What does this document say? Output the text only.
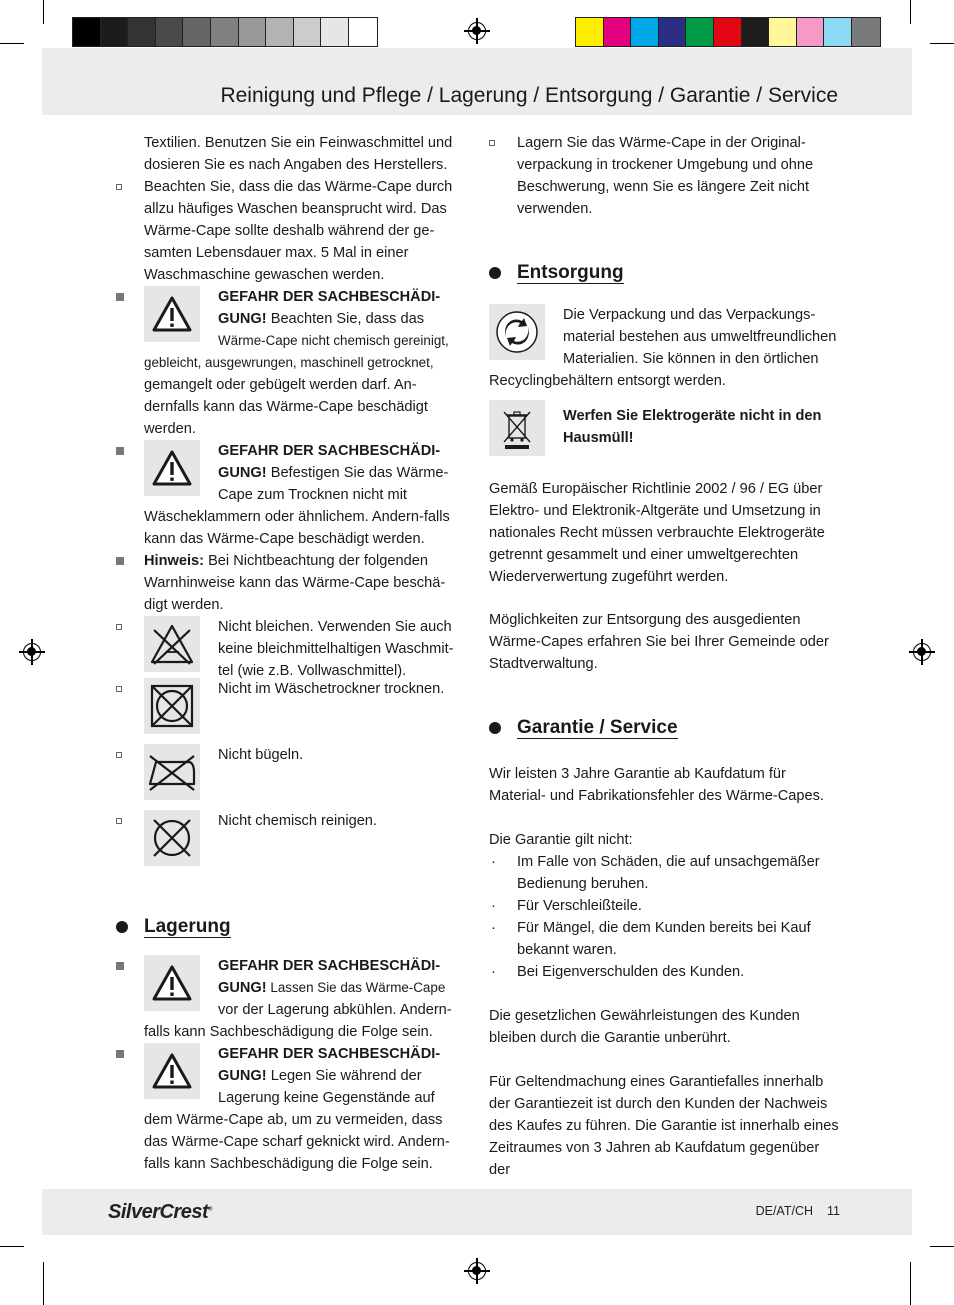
Reinigung und Pflege / Lagerung / Entsorgung / Garantie / Service

Textilien. Benutzen Sie ein Feinwaschmittel und dosieren Sie es nach Angaben des Herstellers.

Beachten Sie, dass die das Wärme-Cape durch allzu häufiges Waschen beansprucht wird. Das Wärme-Cape sollte deshalb während der ge-samten Lebensdauer max. 5 Mal in einer Waschmaschine gewaschen werden.
GEFAHR DER SACHBESCHÄDI-GUNG! Beachten Sie, dass das Wärme-Cape nicht chemisch gereinigt, gebleicht, ausgewrungen, maschinell getrocknet, gemangelt oder gebügelt werden darf. An-dernfalls kann das Wärme-Cape beschädigt werden.
GEFAHR DER SACHBESCHÄDI-GUNG! Befestigen Sie das Wärme-Cape zum Trocknen nicht mit Wäscheklammern oder ähnlichem. Andern-falls kann das Wärme-Cape beschädigt werden.
Hinweis: Bei Nichtbeachtung der folgenden Warnhinweise kann das Wärme-Cape beschä-digt werden.
Nicht bleichen. Verwenden Sie auch keine bleichmittelhaltigen Waschmit-tel (wie z.B. Vollwaschmittel).
Nicht im Wäschetrockner trocknen.
Nicht bügeln.
Nicht chemisch reinigen.
Lagerung
GEFAHR DER SACHBESCHÄDI-GUNG! Lassen Sie das Wärme-Cape vor der Lagerung abkühlen. Andern-falls kann Sachbeschädigung die Folge sein.
GEFAHR DER SACHBESCHÄDI-GUNG! Legen Sie während der Lagerung keine Gegenstände auf dem Wärme-Cape ab, um zu vermeiden, dass das Wärme-Cape scharf geknickt wird. Andern-falls kann Sachbeschädigung die Folge sein.
Lagern Sie das Wärme-Cape in der Original-verpackung in trockener Umgebung und ohne Beschwerung, wenn Sie es längere Zeit nicht verwenden.
Entsorgung

Die Verpackung und das Verpackungs-material bestehen aus umweltfreundlichen Materialien. Sie können in den örtlichen Recyclingbehältern entsorgt werden.

Werfen Sie Elektrogeräte nicht in den Hausmüll!

Gemäß Europäischer Richtlinie 2002 / 96 / EG über Elektro- und Elektronik-Altgeräte und Umsetzung in nationales Recht müssen verbrauchte Elektrogeräte getrennt gesammelt und einer umweltgerechten Wiederverwertung zugeführt werden.

Möglichkeiten zur Entsorgung des ausgedienten Wärme-Capes erfahren Sie bei Ihrer Gemeinde oder Stadtverwaltung.

Garantie / Service

Wir leisten 3 Jahre Garantie ab Kaufdatum für Material- und Fabrikationsfehler des Wärme-Capes.

Die Garantie gilt nicht:

· Im Falle von Schäden, die auf unsachgemäßer Bedienung beruhen.
· Für Verschleißteile.
· Für Mängel, die dem Kunden bereits bei Kauf bekannt waren.
· Bei Eigenverschulden des Kunden.

Die gesetzlichen Gewährleistungen des Kunden bleiben durch die Garantie unberührt.

Für Geltendmachung eines Garantiefalles innerhalb der Garantiezeit ist durch den Kunden der Nachweis des Kaufes zu führen. Die Garantie ist innerhalb eines Zeitraumes von 3 Jahren ab Kaufdatum gegenüber der

SilverCrest®	DE/AT/CH 11
